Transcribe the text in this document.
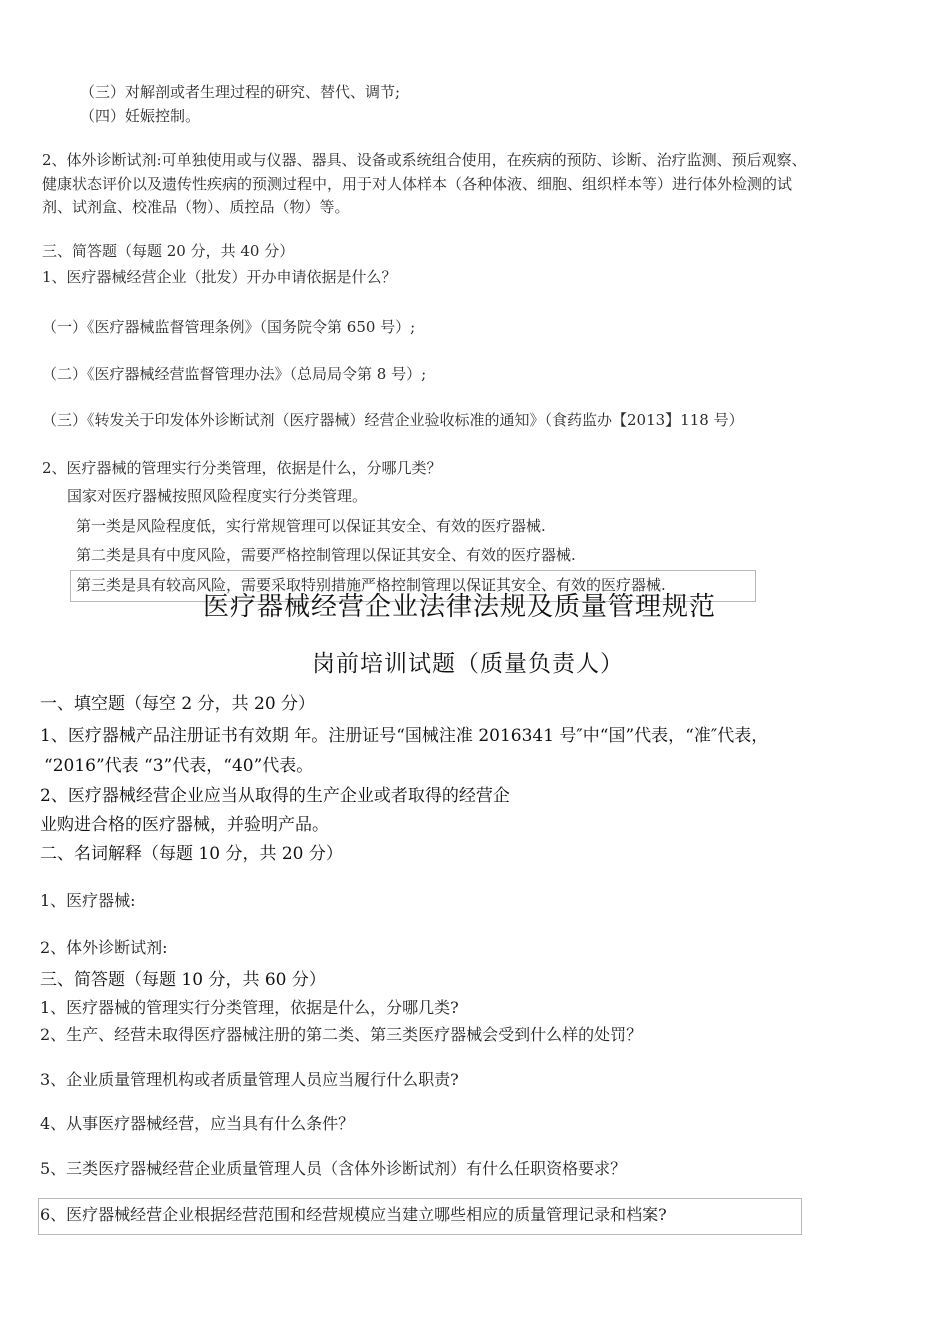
（三）对解剖或者生理过程的研究、替代、调节;
（四）妊娠控制。
2、体外诊断试剂:可单独使用或与仪器、器具、设备或系统组合使用，在疾病的预防、诊断、治疗监测、预后观察、
健康状态评价以及遗传性疾病的预测过程中，用于对人体样本（各种体液、细胞、组织样本等）进行体外检测的试
剂、试剂盒、校准品（物）、质控品（物）等。
三、简答题（每题 20 分，共 40 分）
1、医疗器械经营企业（批发）开办申请依据是什么？
（一）《医疗器械监督管理条例》（国务院令第 650 号）;
（二）《医疗器械经营监督管理办法》（总局局令第 8 号）;
（三）《转发关于印发体外诊断试剂（医疗器械）经营企业验收标准的通知》（食药监办【2013】118 号）
2、医疗器械的管理实行分类管理，依据是什么，分哪几类？
国家对医疗器械按照风险程度实行分类管理。
第一类是风险程度低，实行常规管理可以保证其安全、有效的医疗器械.
第二类是具有中度风险，需要严格控制管理以保证其安全、有效的医疗器械.
第三类是具有较高风险，需要采取特别措施严格控制管理以保证其安全、有效的医疗器械.
医疗器械经营企业法律法规及质量管理规范
岗前培训试题（质量负责人）
一、填空题（每空 2 分，共 20 分）
1、医疗器械产品注册证书有效期 年。注册证号“国械注准 2016341 号″中“国”代表，“准″代表，
“2016”代表 “3”代表，“40”代表。
2、医疗器械经营企业应当从取得的生产企业或者取得的经营企
业购进合格的医疗器械，并验明产品。
二、名词解释（每题 10 分，共 20 分）
1、医疗器械:
2、体外诊断试剂:
三、简答题（每题 10 分，共 60 分）
1、医疗器械的管理实行分类管理，依据是什么，分哪几类?
2、生产、经营未取得医疗器械注册的第二类、第三类医疗器械会受到什么样的处罚？
3、企业质量管理机构或者质量管理人员应当履行什么职责?
4、从事医疗器械经营，应当具有什么条件？
5、三类医疗器械经营企业质量管理人员（含体外诊断试剂）有什么任职资格要求？
6、医疗器械经营企业根据经营范围和经营规模应当建立哪些相应的质量管理记录和档案?
